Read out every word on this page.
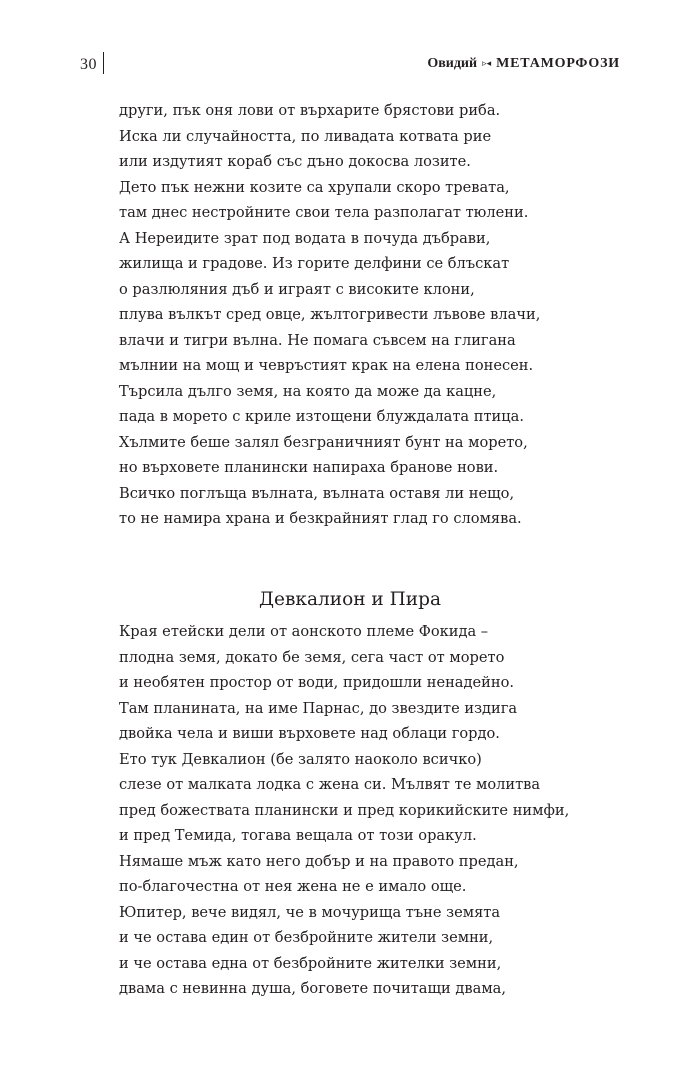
30	Овидий ▹◂ МЕТАМОРФОЗИ
други, пък оня лови от върхарите брястови риба.
Иска ли случайността, по ливадата котвата рие
или издутият кораб със дъно докосва лозите.
Дето пък нежни козите са хрупали скоро тревата,
там днес нестройните свои тела разполагат тюлени.
А Нереидите зрат под водата в почуда дъбрави,
жилища и градове. Из горите делфини се блъскат
о разлюляния дъб и играят с високите клони,
плува вълкът сред овце, жълтогривести лъвове влачи,
влачи и тигри вълна. Не помага съвсем на глигана
мълнии на мощ и чевръстият крак на елена понесен.
Търсила дълго земя, на която да може да кацне,
пада в морето с криле изтощени блуждалата птица.
Хълмите беше залял безграничният бунт на морето,
но върховете планински напираха бранове нови.
Всичко поглъща вълната, вълната оставя ли нещо,
то не намира храна и безкрайният глад го сломява.
Девкалион и Пира
Края етейски дели от аонското племе Фокида –
плодна земя, докато бе земя, сега част от морето
и необятен простор от води, придошли ненадейно.
Там планината, на име Парнас, до звездите издига
двойка чела и виши върховете над облаци гордо.
Ето тук Девкалион (бе залято наоколо всичко)
слезе от малката лодка с жена си. Мълвят те молитва
пред божествата планински и пред корикийските нимфи,
и пред Темида, тогава вещала от този оракул.
Нямаше мъж като него добър и на правото предан,
по-благочестна от нея жена не е имало още.
Юпитер, вече видял, че в мочурища тъне земята
и че остава един от безбройните жители земни,
и че остава една от безбройните жителки земни,
двама с невинна душа, боговете почитащи двама,
